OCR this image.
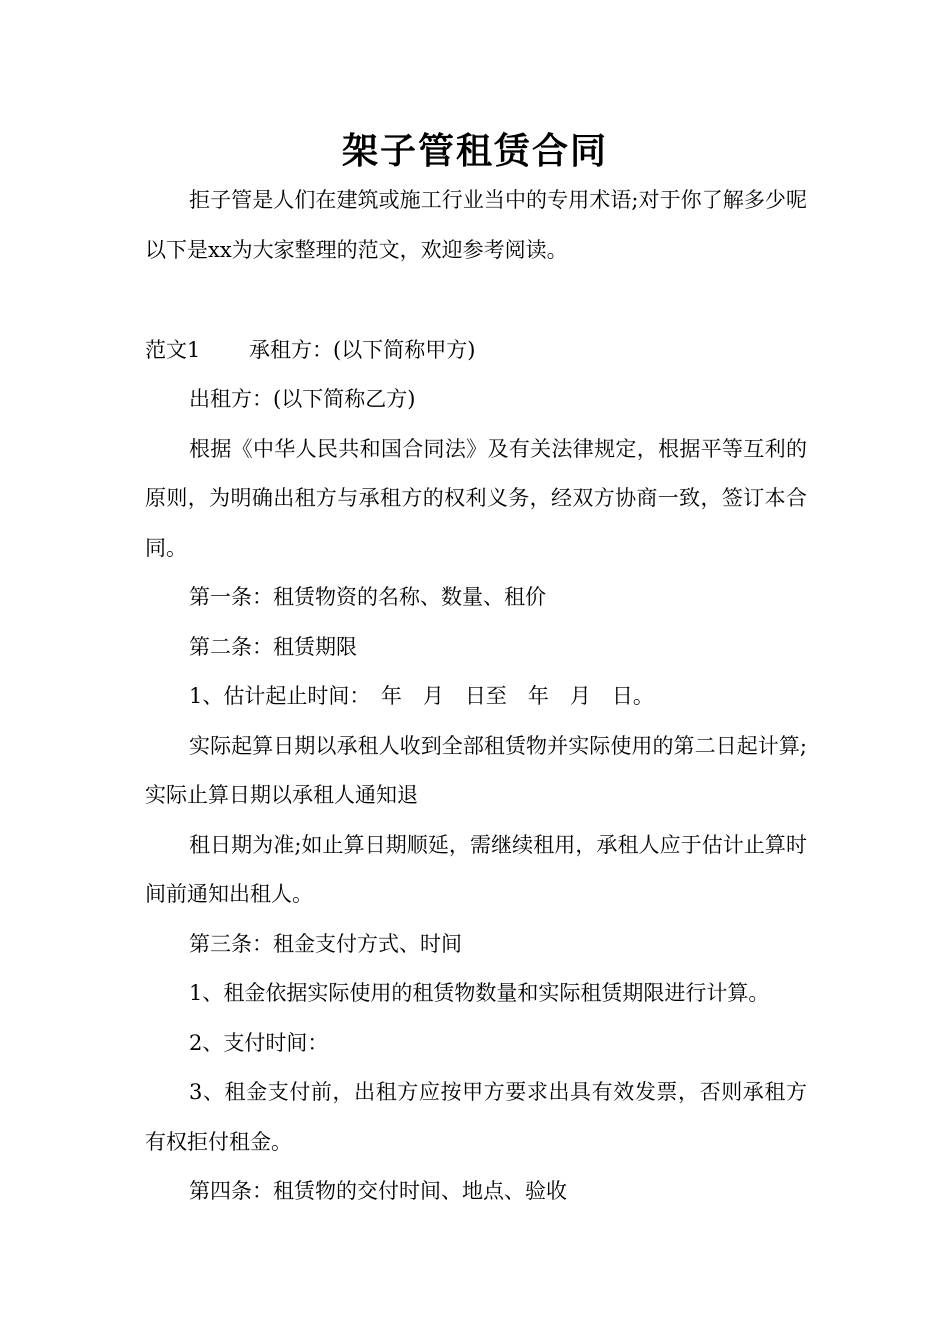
架子管租赁合同

拒子管是人们在建筑或施工行业当中的专用术语;对于你了解多少呢以下是xx为大家整理的范文，欢迎参考阅读。

范文1 承租方：(以下简称甲方)

出租方：(以下简称乙方)

根据《中华人民共和国合同法》及有关法律规定，根据平等互利的原则，为明确出租方与承租方的权利义务，经双方协商一致，签订本合同。

第一条：租赁物资的名称、数量、租价

第二条：租赁期限

1、估计起止时间：　年　月　日至　年　月　日。

实际起算日期以承租人收到全部租赁物并实际使用的第二日起计算;实际止算日期以承租人通知退

租日期为准;如止算日期顺延，需继续租用，承租人应于估计止算时间前通知出租人。

第三条：租金支付方式、时间

1、租金依据实际使用的租赁物数量和实际租赁期限进行计算。

2、支付时间：

3、租金支付前，出租方应按甲方要求出具有效发票，否则承租方有权拒付租金。

第四条：租赁物的交付时间、地点、验收
